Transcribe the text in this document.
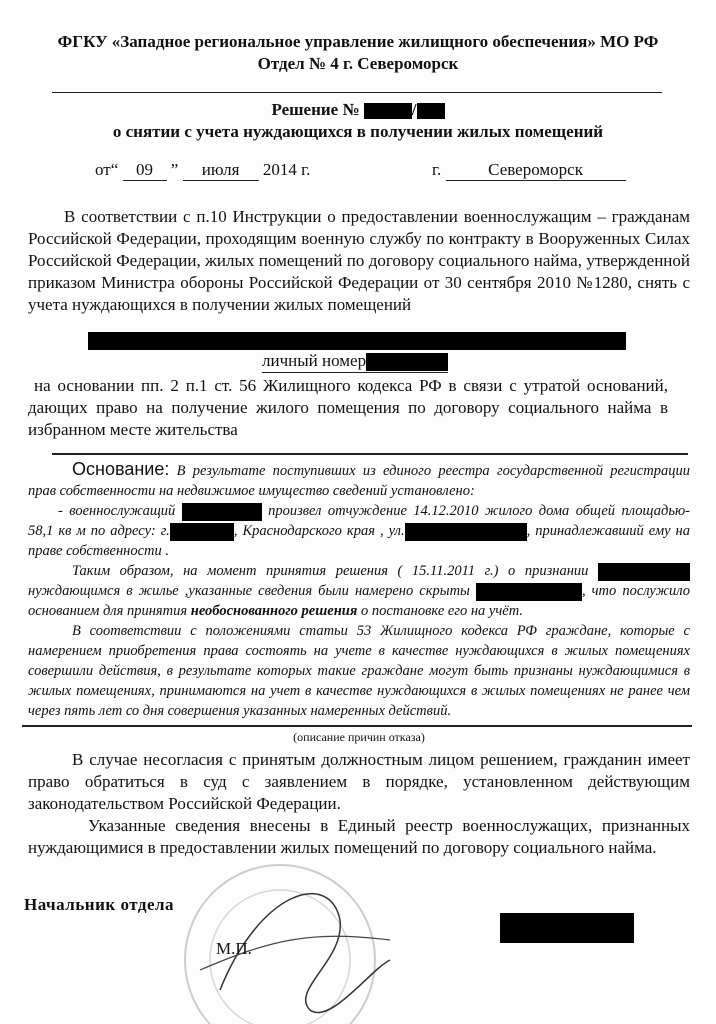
ФГКУ «Западное региональное управление жилищного обеспечения» МО РФ
Отдел № 4 г. Североморск
Решение №	/
о снятии с учета нуждающихся в получении жилых помещений
от“ 09 ” июля 2014 г.	г.	Североморск
В соответствии с п.10 Инструкции о предоставлении военнослужащим – гражданам Российской Федерации, проходящим военную службу по контракту в Вооруженных Силах Российской Федерации, жилых помещений по договору социального найма, утвержденной приказом Министра обороны Российской Федерации от 30 сентября 2010 №1280, снять с учета нуждающихся в получении жилых помещений
личный номер
на основании пп. 2 п.1 ст. 56 Жилищного кодекса РФ в связи с утратой оснований, дающих право на получение жилого помещения по договору социального найма в избранном месте жительства
Основание: В результате поступивших из единого реестра государственной регистрации прав собственности на недвижимое имущество сведений установлено:
- военнослужащий	произвел отчуждение 14.12.2010 жилого дома общей площадью- 58,1 кв м по адресу: г.	, Краснодарского края , ул.	, принадлежавший ему на праве собственности .
Таким образом, на момент принятия решения ( 15.11.2011 г.) о признании  нуждающимся в жилье ,указанные сведения были намерено скрыты	, что послужило основанием для принятия необоснованного решения о постановке его на учёт.
В соответствии с положениями статьи 53 Жилищного кодекса РФ граждане, которые с намерением приобретения права состоять на учете в качестве нуждающихся в жилых помещениях совершили действия, в результате которых такие граждане могут быть признаны нуждающимися в жилых помещениях, принимаются на учет в качестве нуждающихся в жилых помещениях не ранее чем через пять лет со дня совершения указанных намеренных действий.
(описание причин отказа)
В случае несогласия с принятым должностным лицом решением, гражданин имеет право обратиться в суд с заявлением в порядке, установленном действующим законодательством Российской Федерации.
Указанные сведения внесены в Единый реестр военнослужащих, признанных нуждающимися в предоставлении жилых помещений по договору социального найма.
Начальник отдела
М.П.
